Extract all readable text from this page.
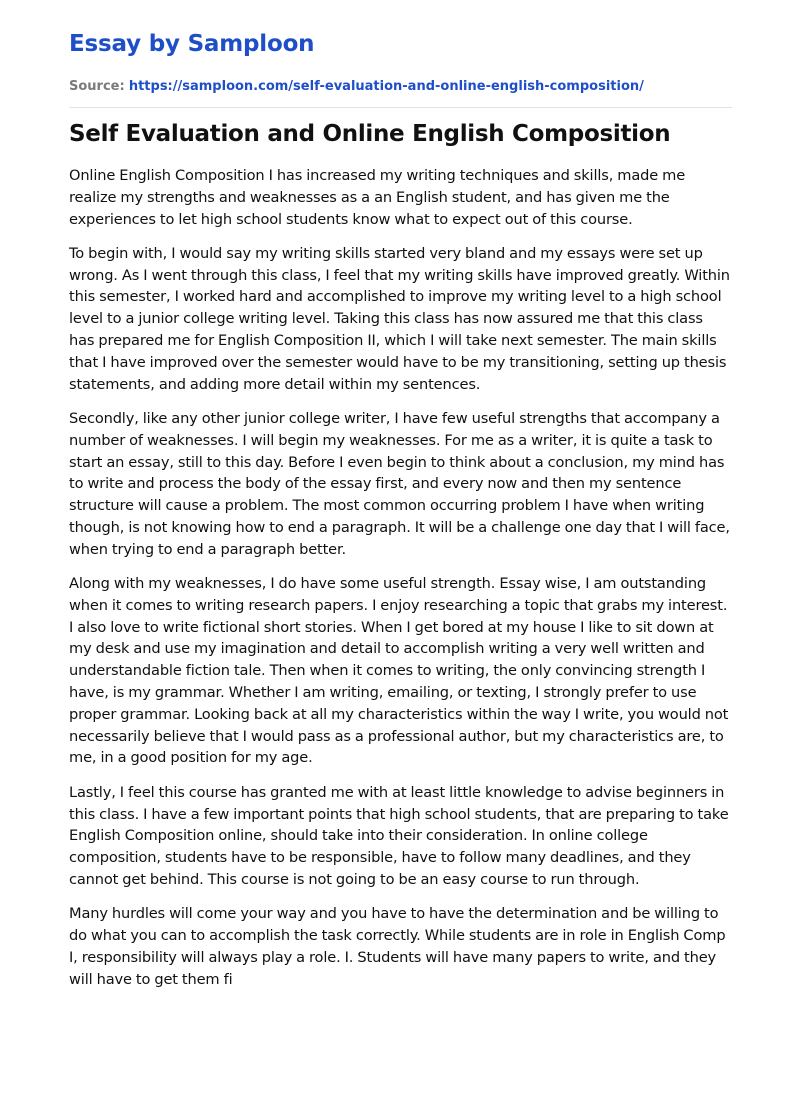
Essay by Samploon
Source: https://samploon.com/self-evaluation-and-online-english-composition/
Self Evaluation and Online English Composition

Online English Composition I has increased my writing techniques and skills, made me realize my strengths and weaknesses as a an English student, and has given me the experiences to let high school students know what to expect out of this course.

To begin with, I would say my writing skills started very bland and my essays were set up wrong. As I went through this class, I feel that my writing skills have improved greatly. Within this semester, I worked hard and accomplished to improve my writing level to a high school level to a junior college writing level. Taking this class has now assured me that this class has prepared me for English Composition II, which I will take next semester. The main skills that I have improved over the semester would have to be my transitioning, setting up thesis statements, and adding more detail within my sentences.

Secondly, like any other junior college writer, I have few useful strengths that accompany a number of weaknesses. I will begin my weaknesses. For me as a writer, it is quite a task to start an essay, still to this day. Before I even begin to think about a conclusion, my mind has to write and process the body of the essay first, and every now and then my sentence structure will cause a problem. The most common occurring problem I have when writing though, is not knowing how to end a paragraph. It will be a challenge one day that I will face, when trying to end a paragraph better.

Along with my weaknesses, I do have some useful strength. Essay wise, I am outstanding when it comes to writing research papers. I enjoy researching a topic that grabs my interest. I also love to write fictional short stories. When I get bored at my house I like to sit down at my desk and use my imagination and detail to accomplish writing a very well written and understandable fiction tale. Then when it comes to writing, the only convincing strength I have, is my grammar. Whether I am writing, emailing, or texting, I strongly prefer to use proper grammar. Looking back at all my characteristics within the way I write, you would not necessarily believe that I would pass as a professional author, but my characteristics are, to me, in a good position for my age.

Lastly, I feel this course has granted me with at least little knowledge to advise beginners in this class. I have a few important points that high school students, that are preparing to take English Composition online, should take into their consideration. In online college composition, students have to be responsible, have to follow many deadlines, and they cannot get behind. This course is not going to be an easy course to run through.

Many hurdles will come your way and you have to have the determination and be willing to do what you can to accomplish the task correctly. While students are in role in English Comp I, responsibility will always play a role. I. Students will have many papers to write, and they will have to get them fi
